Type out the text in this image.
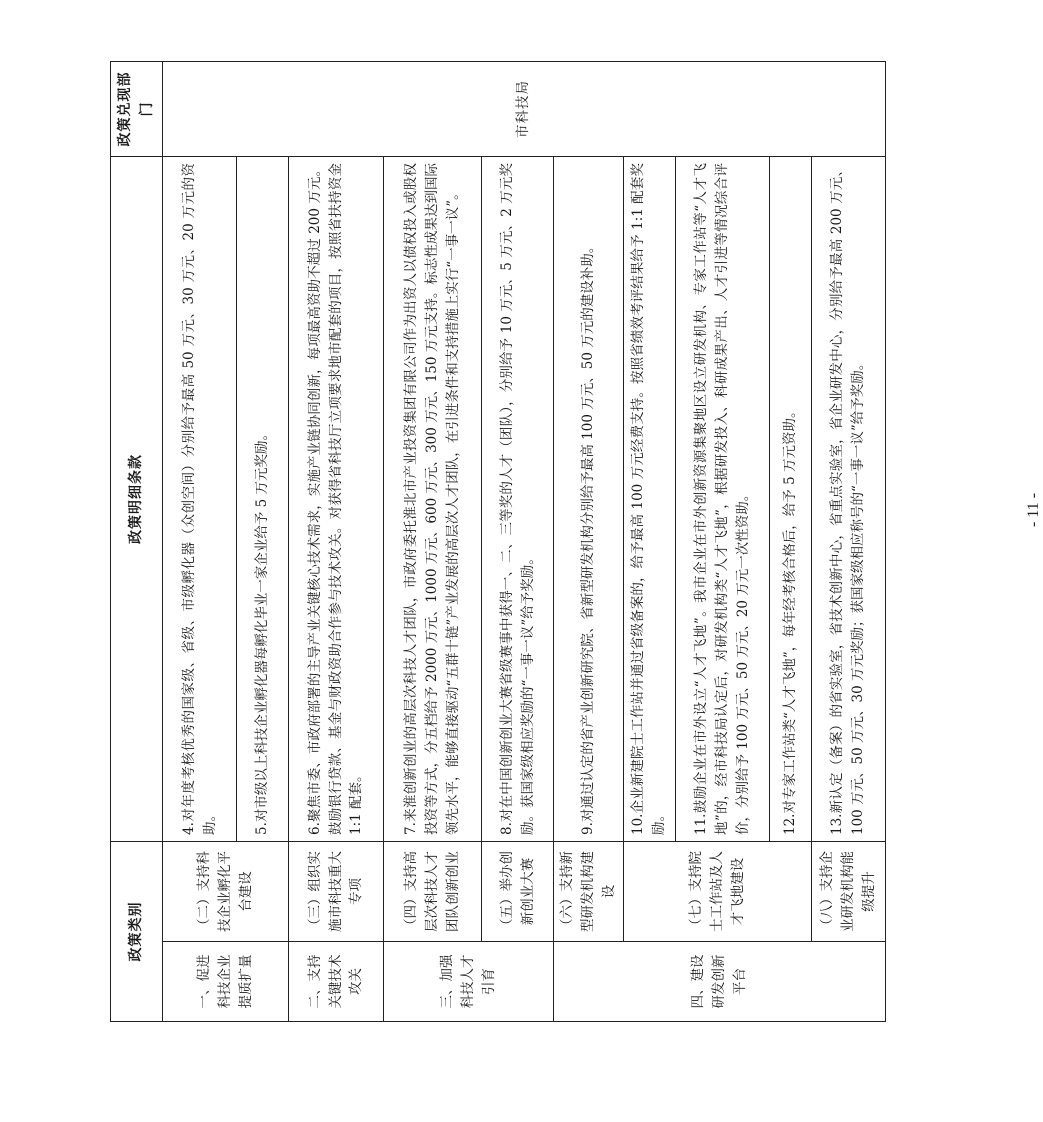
政策类别		政策明细条款	政策兑现部门
一、促进科技企业提质扩量	（二）支持科技企业孵化平台建设	4.对年度考核优秀的国家级、省级、市级孵化器（众创空间）分别给予最高 50 万元、30 万元、20 万元的资助。	市科技局
		5.对市级以上科技企业孵化器每孵化毕业一家企业给予 5 万元奖励。	
二、支持关键技术攻关	（三）组织实施市科技重大专项	6.聚焦市委、市政府部署的主导产业关键核心技术需求，实施产业链协同创新，每项最高资助不超过 200 万元。鼓励银行贷款、基金与财政资助合作参与技术攻关。对获得省科技厅立项要求地市配套的项目，按照省扶持资金 1:1 配套。	
三、加强科技人才引育	（四）支持高层次科技人才团队创新创业	7.来淮创新创业的高层次科技人才团队，市政府委托淮北市产业投资集团有限公司作为出资人以债权投入或股权投资等方式，分五档给予 2000 万元、1000 万元、600 万元、300 万元、150 万元支持。标志性成果达到国际领先水平，能够直接驱动“五群十链”产业发展的高层次人才团队，在引进条件和支持措施上实行“一事一议”。	
	（五）举办创新创业大赛	8.对在中国创新创业大赛省级赛事中获得一、二、三等奖的人才（团队），分别给予 10 万元、5 万元、2 万元奖励。获国家级相应奖励的“一事一议”给予奖励。	
四、建设研发创新平台	（六）支持新型研发机构建设	9.对通过认定的省产业创新研究院、省新型研发机构分别给予最高 100 万元、50 万元的建设补助。	
	（七）支持院士工作站及人才飞地建设	10.企业新建院士工作站并通过省级备案的，给予最高 100 万元经费支持。按照省绩效考评结果给予 1:1 配套奖励。	
		11.鼓励企业在市外设立“人才飞地”。我市企业在市外创新资源集聚地区设立研发机构、专家工作站等“人才飞地”的，经市科技局认定后，对研发机构类“人才飞地”，根据研发投入、科研成果产出、人才引进等情况综合评价，分别给予 100 万元、50 万元、20 万元一次性资助。	
		12.对专家工作站类“人才飞地”，每年经考核合格后，给予 5 万元资助。	
	（八）支持企业研发机构能级提升	13.新认定（备案）的省实验室，省技术创新中心，省重点实验室，省企业研发中心，分别给予最高 200 万元、100 万元、50 万元、30 万元奖励；获国家级相应称号的“一事一议”给予奖励。		- 11 -
